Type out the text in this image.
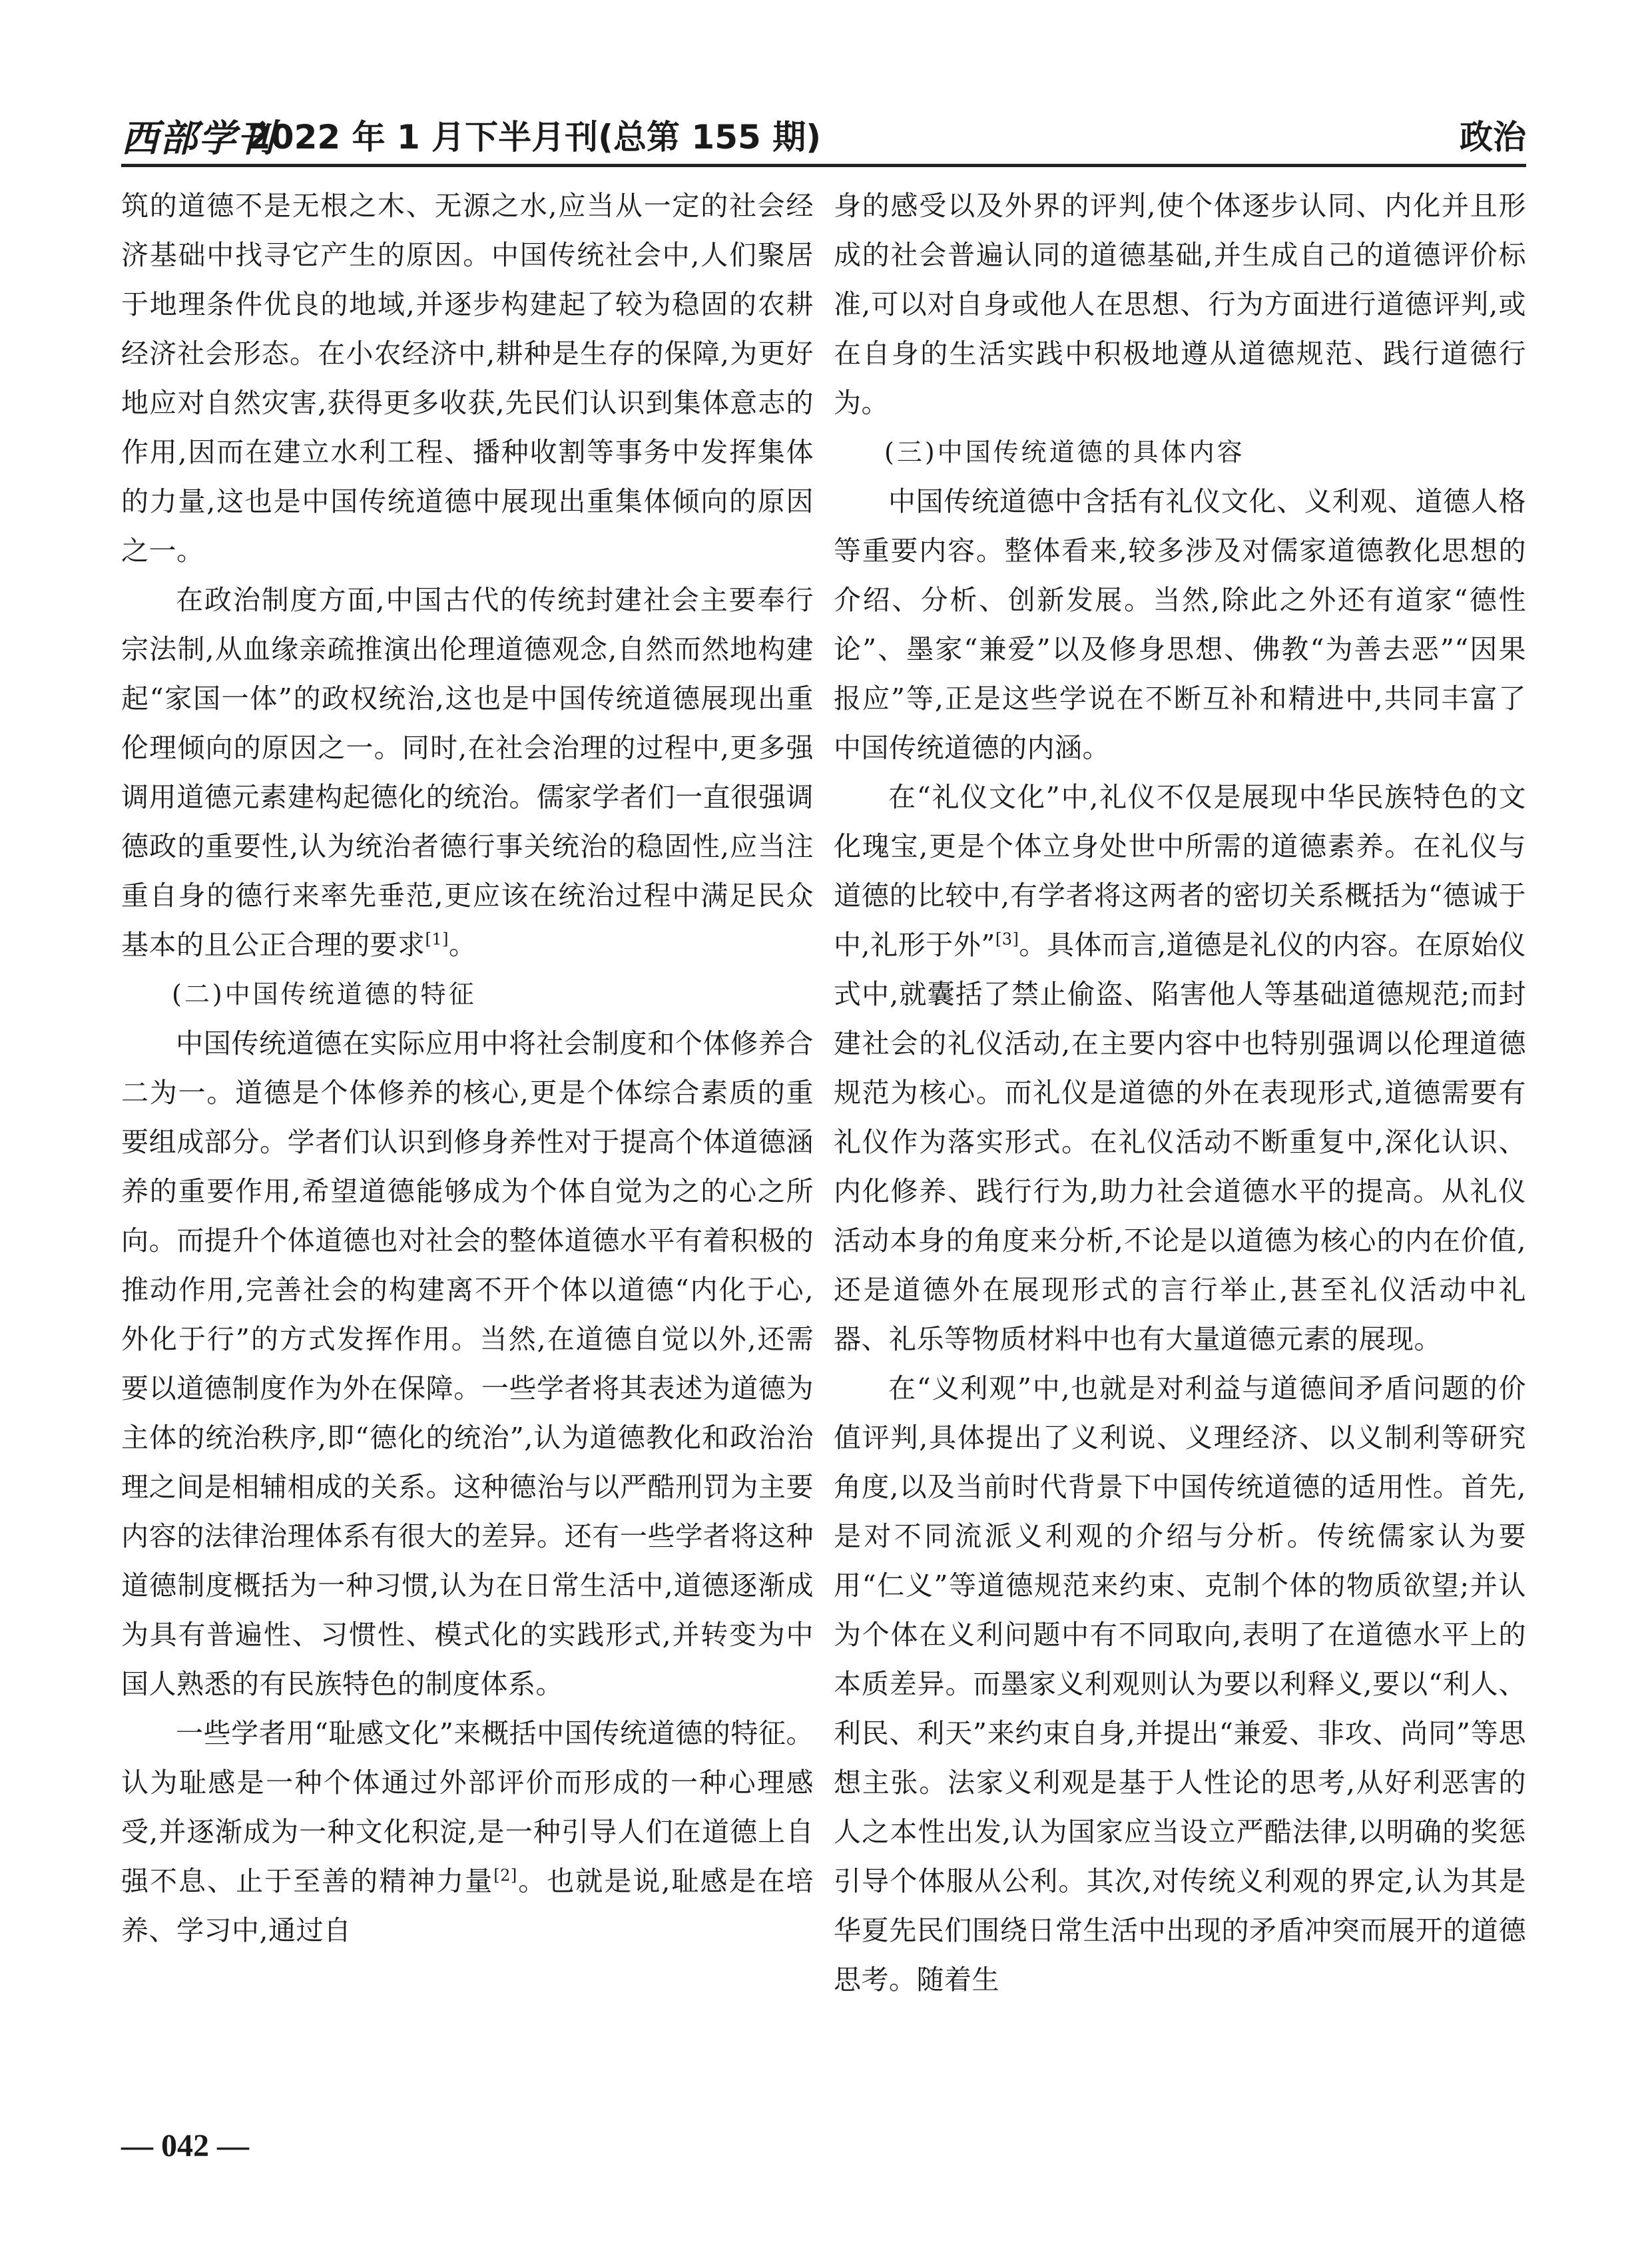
西部学刊
2022 年 1 月下半月刊(总第 155 期)	政治

筑的道德不是无根之木、无源之水,应当从一定的社会经济基础中找寻它产生的原因。中国传统社会中,人们聚居于地理条件优良的地域,并逐步构建起了较为稳固的农耕经济社会形态。在小农经济中,耕种是生存的保障,为更好地应对自然灾害,获得更多收获,先民们认识到集体意志的作用,因而在建立水利工程、播种收割等事务中发挥集体的力量,这也是中国传统道德中展现出重集体倾向的原因之一。

在政治制度方面,中国古代的传统封建社会主要奉行宗法制,从血缘亲疏推演出伦理道德观念,自然而然地构建起“家国一体”的政权统治,这也是中国传统道德展现出重伦理倾向的原因之一。同时,在社会治理的过程中,更多强调用道德元素建构起德化的统治。儒家学者们一直很强调德政的重要性,认为统治者德行事关统治的稳固性,应当注重自身的德行来率先垂范,更应该在统治过程中满足民众基本的且公正合理的要求[1]。

(二)中国传统道德的特征

中国传统道德在实际应用中将社会制度和个体修养合二为一。道德是个体修养的核心,更是个体综合素质的重要组成部分。学者们认识到修身养性对于提高个体道德涵养的重要作用,希望道德能够成为个体自觉为之的心之所向。而提升个体道德也对社会的整体道德水平有着积极的推动作用,完善社会的构建离不开个体以道德“内化于心,外化于行”的方式发挥作用。当然,在道德自觉以外,还需要以道德制度作为外在保障。一些学者将其表述为道德为主体的统治秩序,即“德化的统治”,认为道德教化和政治治理之间是相辅相成的关系。这种德治与以严酷刑罚为主要内容的法律治理体系有很大的差异。还有一些学者将这种道德制度概括为一种习惯,认为在日常生活中,道德逐渐成为具有普遍性、习惯性、模式化的实践形式,并转变为中国人熟悉的有民族特色的制度体系。

一些学者用“耻感文化”来概括中国传统道德的特征。认为耻感是一种个体通过外部评价而形成的一种心理感受,并逐渐成为一种文化积淀,是一种引导人们在道德上自强不息、止于至善的精神力量[2]。也就是说,耻感是在培养、学习中,通过自

身的感受以及外界的评判,使个体逐步认同、内化并且形成的社会普遍认同的道德基础,并生成自己的道德评价标准,可以对自身或他人在思想、行为方面进行道德评判,或在自身的生活实践中积极地遵从道德规范、践行道德行为。

(三)中国传统道德的具体内容

中国传统道德中含括有礼仪文化、义利观、道德人格等重要内容。整体看来,较多涉及对儒家道德教化思想的介绍、分析、创新发展。当然,除此之外还有道家“德性论”、墨家“兼爱”以及修身思想、佛教“为善去恶”“因果报应”等,正是这些学说在不断互补和精进中,共同丰富了中国传统道德的内涵。

在“礼仪文化”中,礼仪不仅是展现中华民族特色的文化瑰宝,更是个体立身处世中所需的道德素养。在礼仪与道德的比较中,有学者将这两者的密切关系概括为“德诚于中,礼形于外”[3]。具体而言,道德是礼仪的内容。在原始仪式中,就囊括了禁止偷盗、陷害他人等基础道德规范;而封建社会的礼仪活动,在主要内容中也特别强调以伦理道德规范为核心。而礼仪是道德的外在表现形式,道德需要有礼仪作为落实形式。在礼仪活动不断重复中,深化认识、内化修养、践行行为,助力社会道德水平的提高。从礼仪活动本身的角度来分析,不论是以道德为核心的内在价值,还是道德外在展现形式的言行举止,甚至礼仪活动中礼器、礼乐等物质材料中也有大量道德元素的展现。

在“义利观”中,也就是对利益与道德间矛盾问题的价值评判,具体提出了义利说、义理经济、以义制利等研究角度,以及当前时代背景下中国传统道德的适用性。首先,是对不同流派义利观的介绍与分析。传统儒家认为要用“仁义”等道德规范来约束、克制个体的物质欲望;并认为个体在义利问题中有不同取向,表明了在道德水平上的本质差异。而墨家义利观则认为要以利释义,要以“利人、利民、利天”来约束自身,并提出“兼爱、非攻、尚同”等思想主张。法家义利观是基于人性论的思考,从好利恶害的人之本性出发,认为国家应当设立严酷法律,以明确的奖惩引导个体服从公利。其次,对传统义利观的界定,认为其是华夏先民们围绕日常生活中出现的矛盾冲突而展开的道德思考。随着生

— 042 —
